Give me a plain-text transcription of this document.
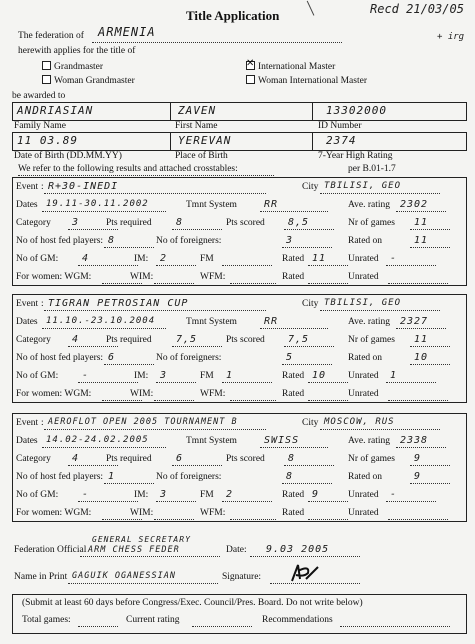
Recd 21/03/05
+ irg
Title Application
The federation of ARMENIA
herewith applies for the title of
Grandmaster
✕	International Master
Woman Grandmaster	Woman International Master
be awarded to
ANDRIASIAN	ZAVEN	13302000
Family Name	First Name	ID Number
11 03.89	YEREVAN	2374
Date of Birth (DD.MM.YY)	Place of Birth	7-Year High Rating
We refer to the following results and attached crosstables:	per B.01-1.7
Event : R+30-INEDI	City TBILISI, GEO
Dates 19.11-30.11.2002	Tmnt System	RR	Ave. rating 2302
Category 3	Pts required 8	Pts scored 8,5	Nr of games 11
No of host fed players: 8	No of foreigners:	3	Rated on	11
No of GM: 4	IM: 2	FM	Rated 11 Unrated -
For women: WGM:	WIM:	WFM:	Rated	Unrated
Event : TIGRAN PETROSIAN CUP	City TBILISI, GEO
Dates 11.10.-23.10.2004	Tmnt System	RR	Ave. rating 2327
Category 4	Pts required 7,5	Pts scored 7,5	Nr of games 11
No of host fed players: 6	No of foreigners:	5	Rated on	10
No of GM: -	IM: 3	FM 1	Rated 10 Unrated 1
For women: WGM:	WIM:	WFM:	Rated	Unrated
Event : AEROFLOT OPEN 2005 TOURNAMENT B	City MOSCOW, RUS
Dates 14.02-24.02.2005	Tmnt System	SWISS	Ave. rating 2338
Category 4	Pts required 6	Pts scored 8	Nr of games 9
No of host fed players: 1	No of foreigners:	8	Rated on	9
No of GM: -	IM: 3	FM 2	Rated 9	Unrated -
For women: WGM:	WIM:	WFM:	Rated	Unrated
GENERAL SECRETARY
Federation Official ARM CHESS FEDER	Date: 9.03 2005
Name in Print GAGUIK OGANESSIAN	Signature:
(Submit at least 60 days before Congress/Exec. Council/Pres. Board. Do not write below)
Total games:	Current rating	Recommendations
